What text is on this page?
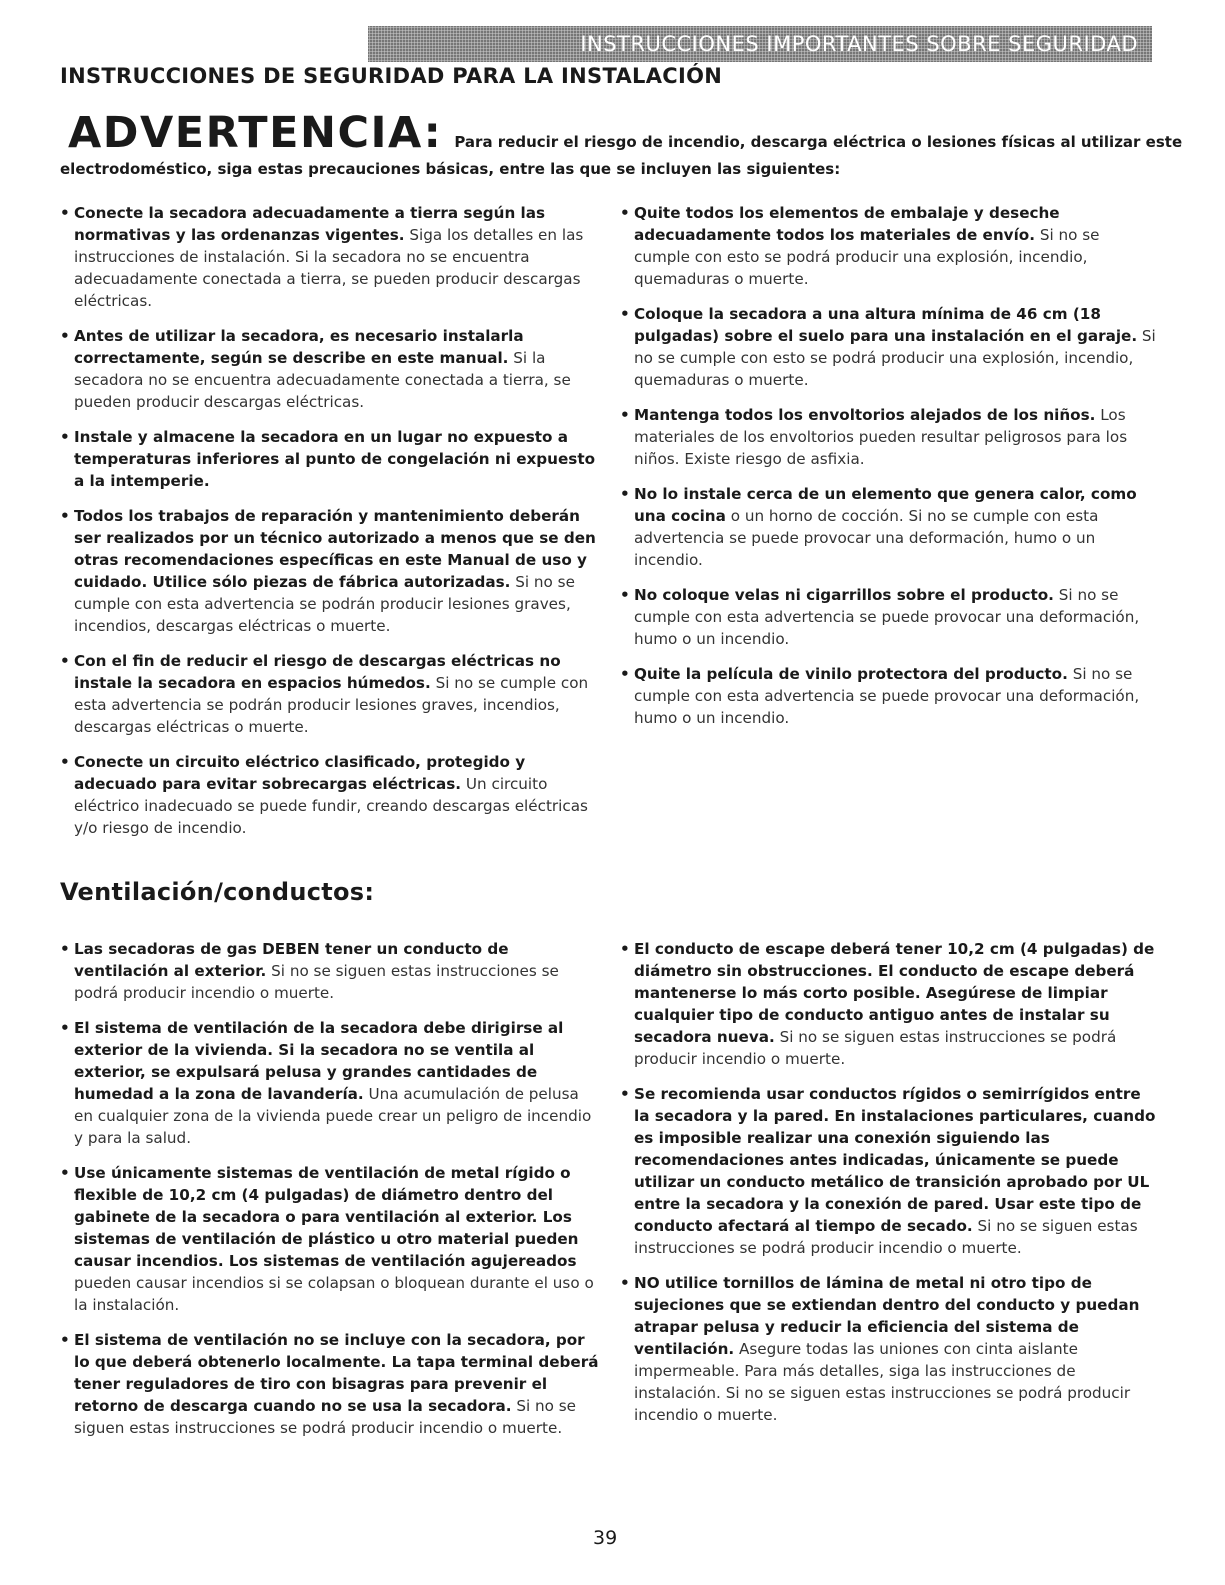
INSTRUCCIONES IMPORTANTES SOBRE SEGURIDAD
INSTRUCCIONES DE SEGURIDAD PARA LA INSTALACIÓN
ADVERTENCIA: Para reducir el riesgo de incendio, descarga eléctrica o lesiones físicas al utilizar este
electrodoméstico, siga estas precauciones básicas, entre las que se incluyen las siguientes:
• Conecte la secadora adecuadamente a tierra según las normativas y las ordenanzas vigentes. Siga los detalles en las instrucciones de instalación. Si la secadora no se encuentra adecuadamente conectada a tierra, se pueden producir descargas eléctricas.
• Antes de utilizar la secadora, es necesario instalarla correctamente, según se describe en este manual. Si la secadora no se encuentra adecuadamente conectada a tierra, se pueden producir descargas eléctricas.
• Instale y almacene la secadora en un lugar no expuesto a temperaturas inferiores al punto de congelación ni expuesto a la intemperie.
• Todos los trabajos de reparación y mantenimiento deberán ser realizados por un técnico autorizado a menos que se den otras recomendaciones específicas en este Manual de uso y cuidado. Utilice sólo piezas de fábrica autorizadas. Si no se cumple con esta advertencia se podrán producir lesiones graves, incendios, descargas eléctricas o muerte.
• Con el fin de reducir el riesgo de descargas eléctricas no instale la secadora en espacios húmedos. Si no se cumple con esta advertencia se podrán producir lesiones graves, incendios, descargas eléctricas o muerte.
• Conecte un circuito eléctrico clasificado, protegido y adecuado para evitar sobrecargas eléctricas. Un circuito eléctrico inadecuado se puede fundir, creando descargas eléctricas y/o riesgo de incendio.
• Quite todos los elementos de embalaje y deseche adecuadamente todos los materiales de envío. Si no se cumple con esto se podrá producir una explosión, incendio, quemaduras o muerte.
• Coloque la secadora a una altura mínima de 46 cm (18 pulgadas) sobre el suelo para una instalación en el garaje. Si no se cumple con esto se podrá producir una explosión, incendio, quemaduras o muerte.
• Mantenga todos los envoltorios alejados de los niños. Los materiales de los envoltorios pueden resultar peligrosos para los niños. Existe riesgo de asfixia.
• No lo instale cerca de un elemento que genera calor, como una cocina o un horno de cocción. Si no se cumple con esta advertencia se puede provocar una deformación, humo o un incendio.
• No coloque velas ni cigarrillos sobre el producto. Si no se cumple con esta advertencia se puede provocar una deformación, humo o un incendio.
• Quite la película de vinilo protectora del producto. Si no se cumple con esta advertencia se puede provocar una deformación, humo o un incendio.
Ventilación/conductos:
• Las secadoras de gas DEBEN tener un conducto de ventilación al exterior. Si no se siguen estas instrucciones se podrá producir incendio o muerte.
• El sistema de ventilación de la secadora debe dirigirse al exterior de la vivienda. Si la secadora no se ventila al exterior, se expulsará pelusa y grandes cantidades de humedad a la zona de lavandería. Una acumulación de pelusa en cualquier zona de la vivienda puede crear un peligro de incendio y para la salud.
• Use únicamente sistemas de ventilación de metal rígido o flexible de 10,2 cm (4 pulgadas) de diámetro dentro del gabinete de la secadora o para ventilación al exterior. Los sistemas de ventilación de plástico u otro material pueden causar incendios. Los sistemas de ventilación agujereados pueden causar incendios si se colapsan o bloquean durante el uso o la instalación.
• El sistema de ventilación no se incluye con la secadora, por lo que deberá obtenerlo localmente. La tapa terminal deberá tener reguladores de tiro con bisagras para prevenir el retorno de descarga cuando no se usa la secadora. Si no se siguen estas instrucciones se podrá producir incendio o muerte.
• El conducto de escape deberá tener 10,2 cm (4 pulgadas) de diámetro sin obstrucciones. El conducto de escape deberá mantenerse lo más corto posible. Asegúrese de limpiar cualquier tipo de conducto antiguo antes de instalar su secadora nueva. Si no se siguen estas instrucciones se podrá producir incendio o muerte.
• Se recomienda usar conductos rígidos o semirrígidos entre la secadora y la pared. En instalaciones particulares, cuando es imposible realizar una conexión siguiendo las recomendaciones antes indicadas, únicamente se puede utilizar un conducto metálico de transición aprobado por UL entre la secadora y la conexión de pared. Usar este tipo de conducto afectará al tiempo de secado. Si no se siguen estas instrucciones se podrá producir incendio o muerte.
• NO utilice tornillos de lámina de metal ni otro tipo de sujeciones que se extiendan dentro del conducto y puedan atrapar pelusa y reducir la eficiencia del sistema de ventilación. Asegure todas las uniones con cinta aislante impermeable. Para más detalles, siga las instrucciones de instalación. Si no se siguen estas instrucciones se podrá producir incendio o muerte.
39
